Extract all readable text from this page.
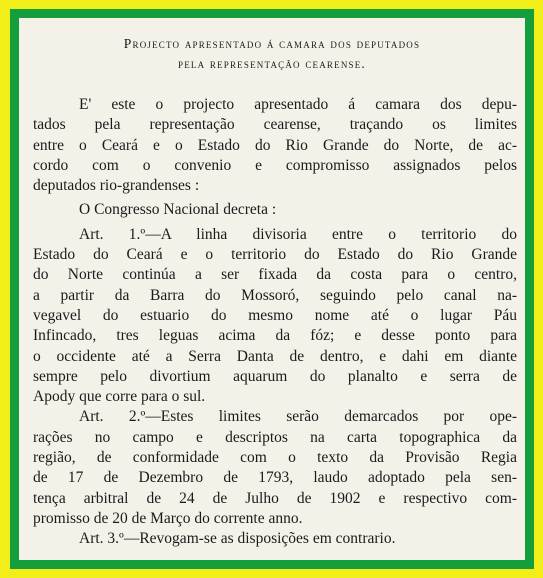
Projecto apresentado á camara dos deputados
pela representação cearense.
E' este o projecto apresentado á camara dos depu-
tados pela representação cearense, traçando os limites
entre o Ceará e o Estado do Rio Grande do Norte, de ac-
cordo com o convenio e compromisso assignados pelos
deputados rio-grandenses :
O Congresso Nacional decreta :
Art. 1.º—A linha divisoria entre o territorio do
Estado do Ceará e o territorio do Estado do Rio Grande
do Norte continúa a ser fixada da costa para o centro,
a partir da Barra do Mossoró, seguindo pelo canal na-
vegavel do estuario do mesmo nome até o lugar Páu
Infincado, tres leguas acima da fóz; e desse ponto para
o occidente até a Serra Danta de dentro, e dahi em diante
sempre pelo divortium aquarum do planalto e serra de
Apody que corre para o sul.
Art. 2.º—Estes limites serão demarcados por ope-
rações no campo e descriptos na carta topographica da
região, de conformidade com o texto da Provisão Regia
de 17 de Dezembro de 1793, laudo adoptado pela sen-
tença arbitral de 24 de Julho de 1902 e respectivo com-
promisso de 20 de Março do corrente anno.
Art. 3.º—Revogam-se as disposições em contrario.
